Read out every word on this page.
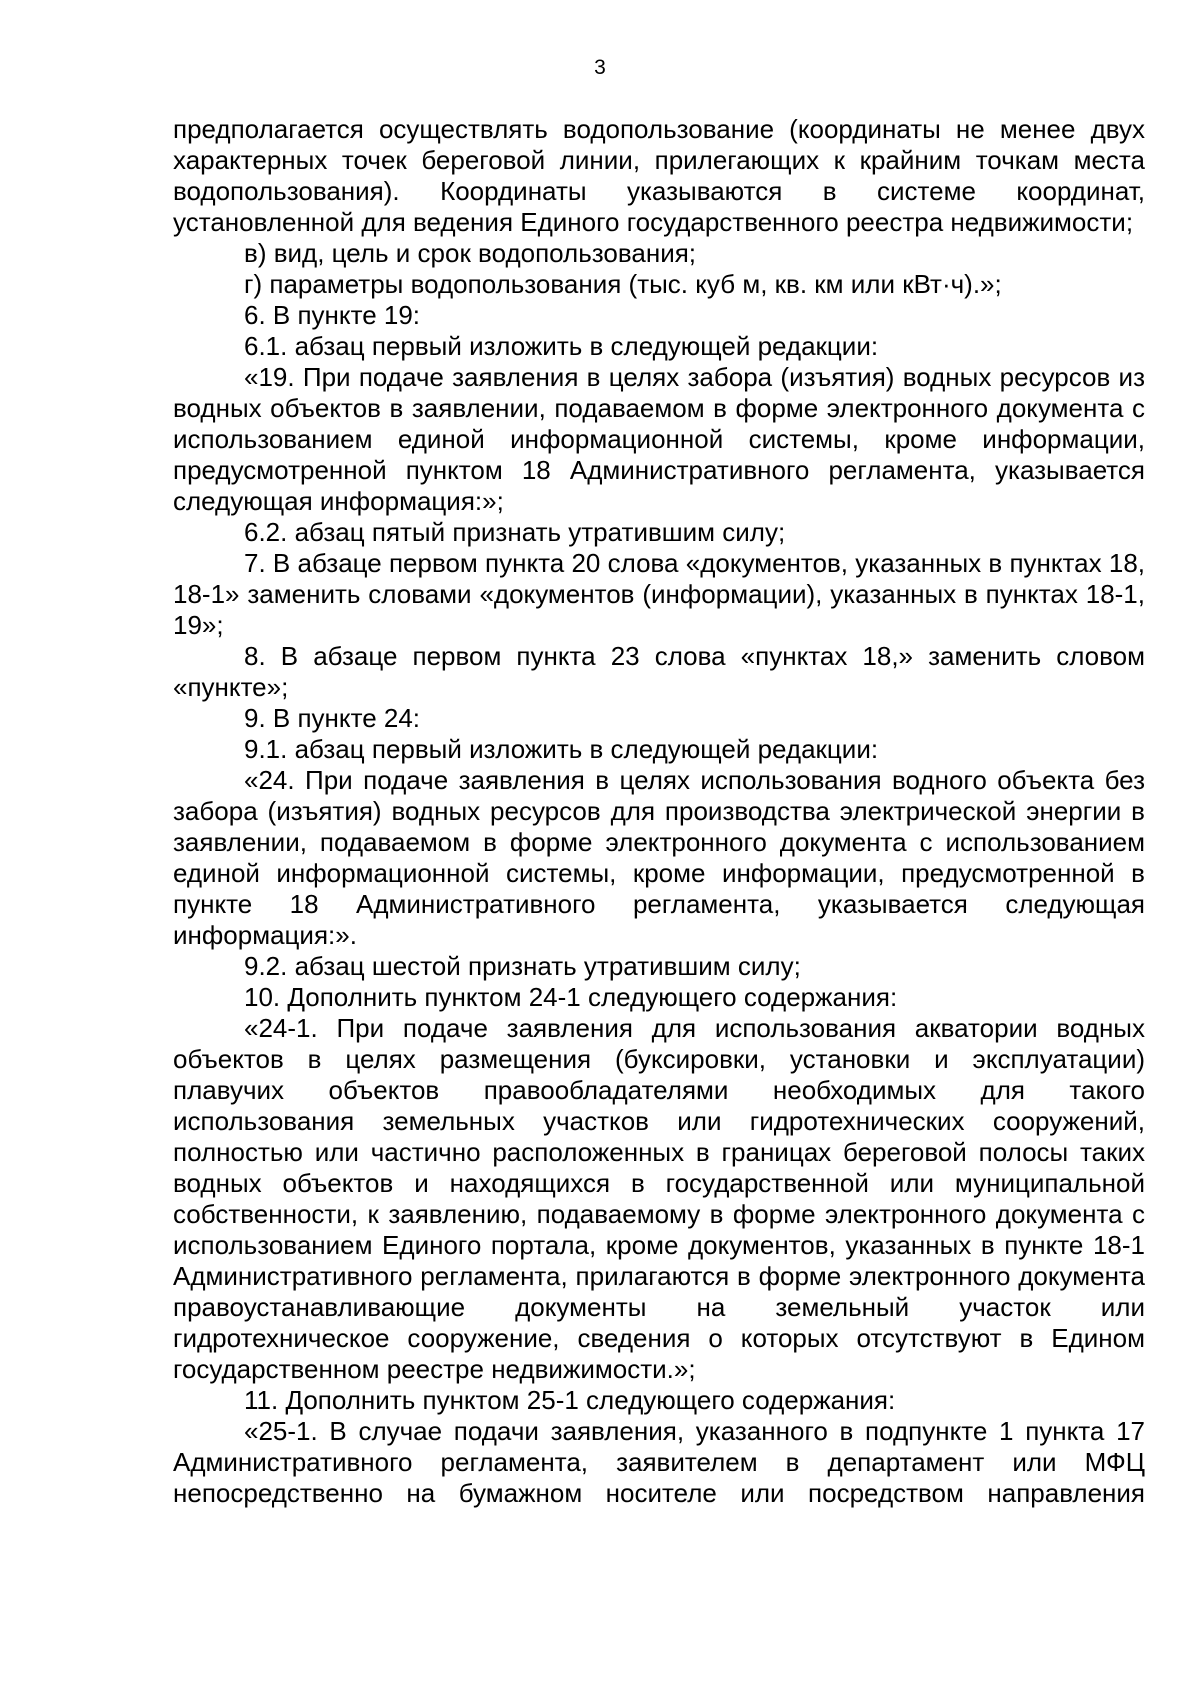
3

предполагается осуществлять водопользование (координаты не менее двух характерных точек береговой линии, прилегающих к крайним точкам места водопользования). Координаты указываются в системе координат, установленной для ведения Единого государственного реестра недвижимости;

в) вид, цель и срок водопользования;

г) параметры водопользования (тыс. куб м, кв. км или кВт·ч).»;

6. В пункте 19:

6.1. абзац первый изложить в следующей редакции:

«19. При подаче заявления в целях забора (изъятия) водных ресурсов из водных объектов в заявлении, подаваемом в форме электронного документа с использованием единой информационной системы, кроме информации, предусмотренной пунктом 18 Административного регламента, указывается следующая информация:»;

6.2. абзац пятый признать утратившим силу;

7. В абзаце первом пункта 20 слова «документов, указанных в пунктах 18, 18-1» заменить словами «документов (информации), указанных в пунктах 18-1, 19»;

8. В абзаце первом пункта 23 слова «пунктах 18,» заменить словом «пункте»;

9. В пункте 24:

9.1. абзац первый изложить в следующей редакции:

«24. При подаче заявления в целях использования водного объекта без забора (изъятия) водных ресурсов для производства электрической энергии в заявлении, подаваемом в форме электронного документа с использованием единой информационной системы, кроме информации, предусмотренной в пункте 18 Административного регламента, указывается следующая информация:».

9.2. абзац шестой признать утратившим силу;

10. Дополнить пунктом 24-1 следующего содержания:

«24-1. При подаче заявления для использования акватории водных объектов в целях размещения (буксировки, установки и эксплуатации) плавучих объектов правообладателями необходимых для такого использования земельных участков или гидротехнических сооружений, полностью или частично расположенных в границах береговой полосы таких водных объектов и находящихся в государственной или муниципальной собственности, к заявлению, подаваемому в форме электронного документа с использованием Единого портала, кроме документов, указанных в пункте 18-1 Административного регламента, прилагаются в форме электронного документа правоустанавливающие документы на земельный участок или гидротехническое сооружение, сведения о которых отсутствуют в Едином государственном реестре недвижимости.»;

11. Дополнить пунктом 25-1 следующего содержания:

«25-1. В случае подачи заявления, указанного в подпункте 1 пункта 17 Административного регламента, заявителем в департамент или МФЦ непосредственно на бумажном носителе или посредством направления
